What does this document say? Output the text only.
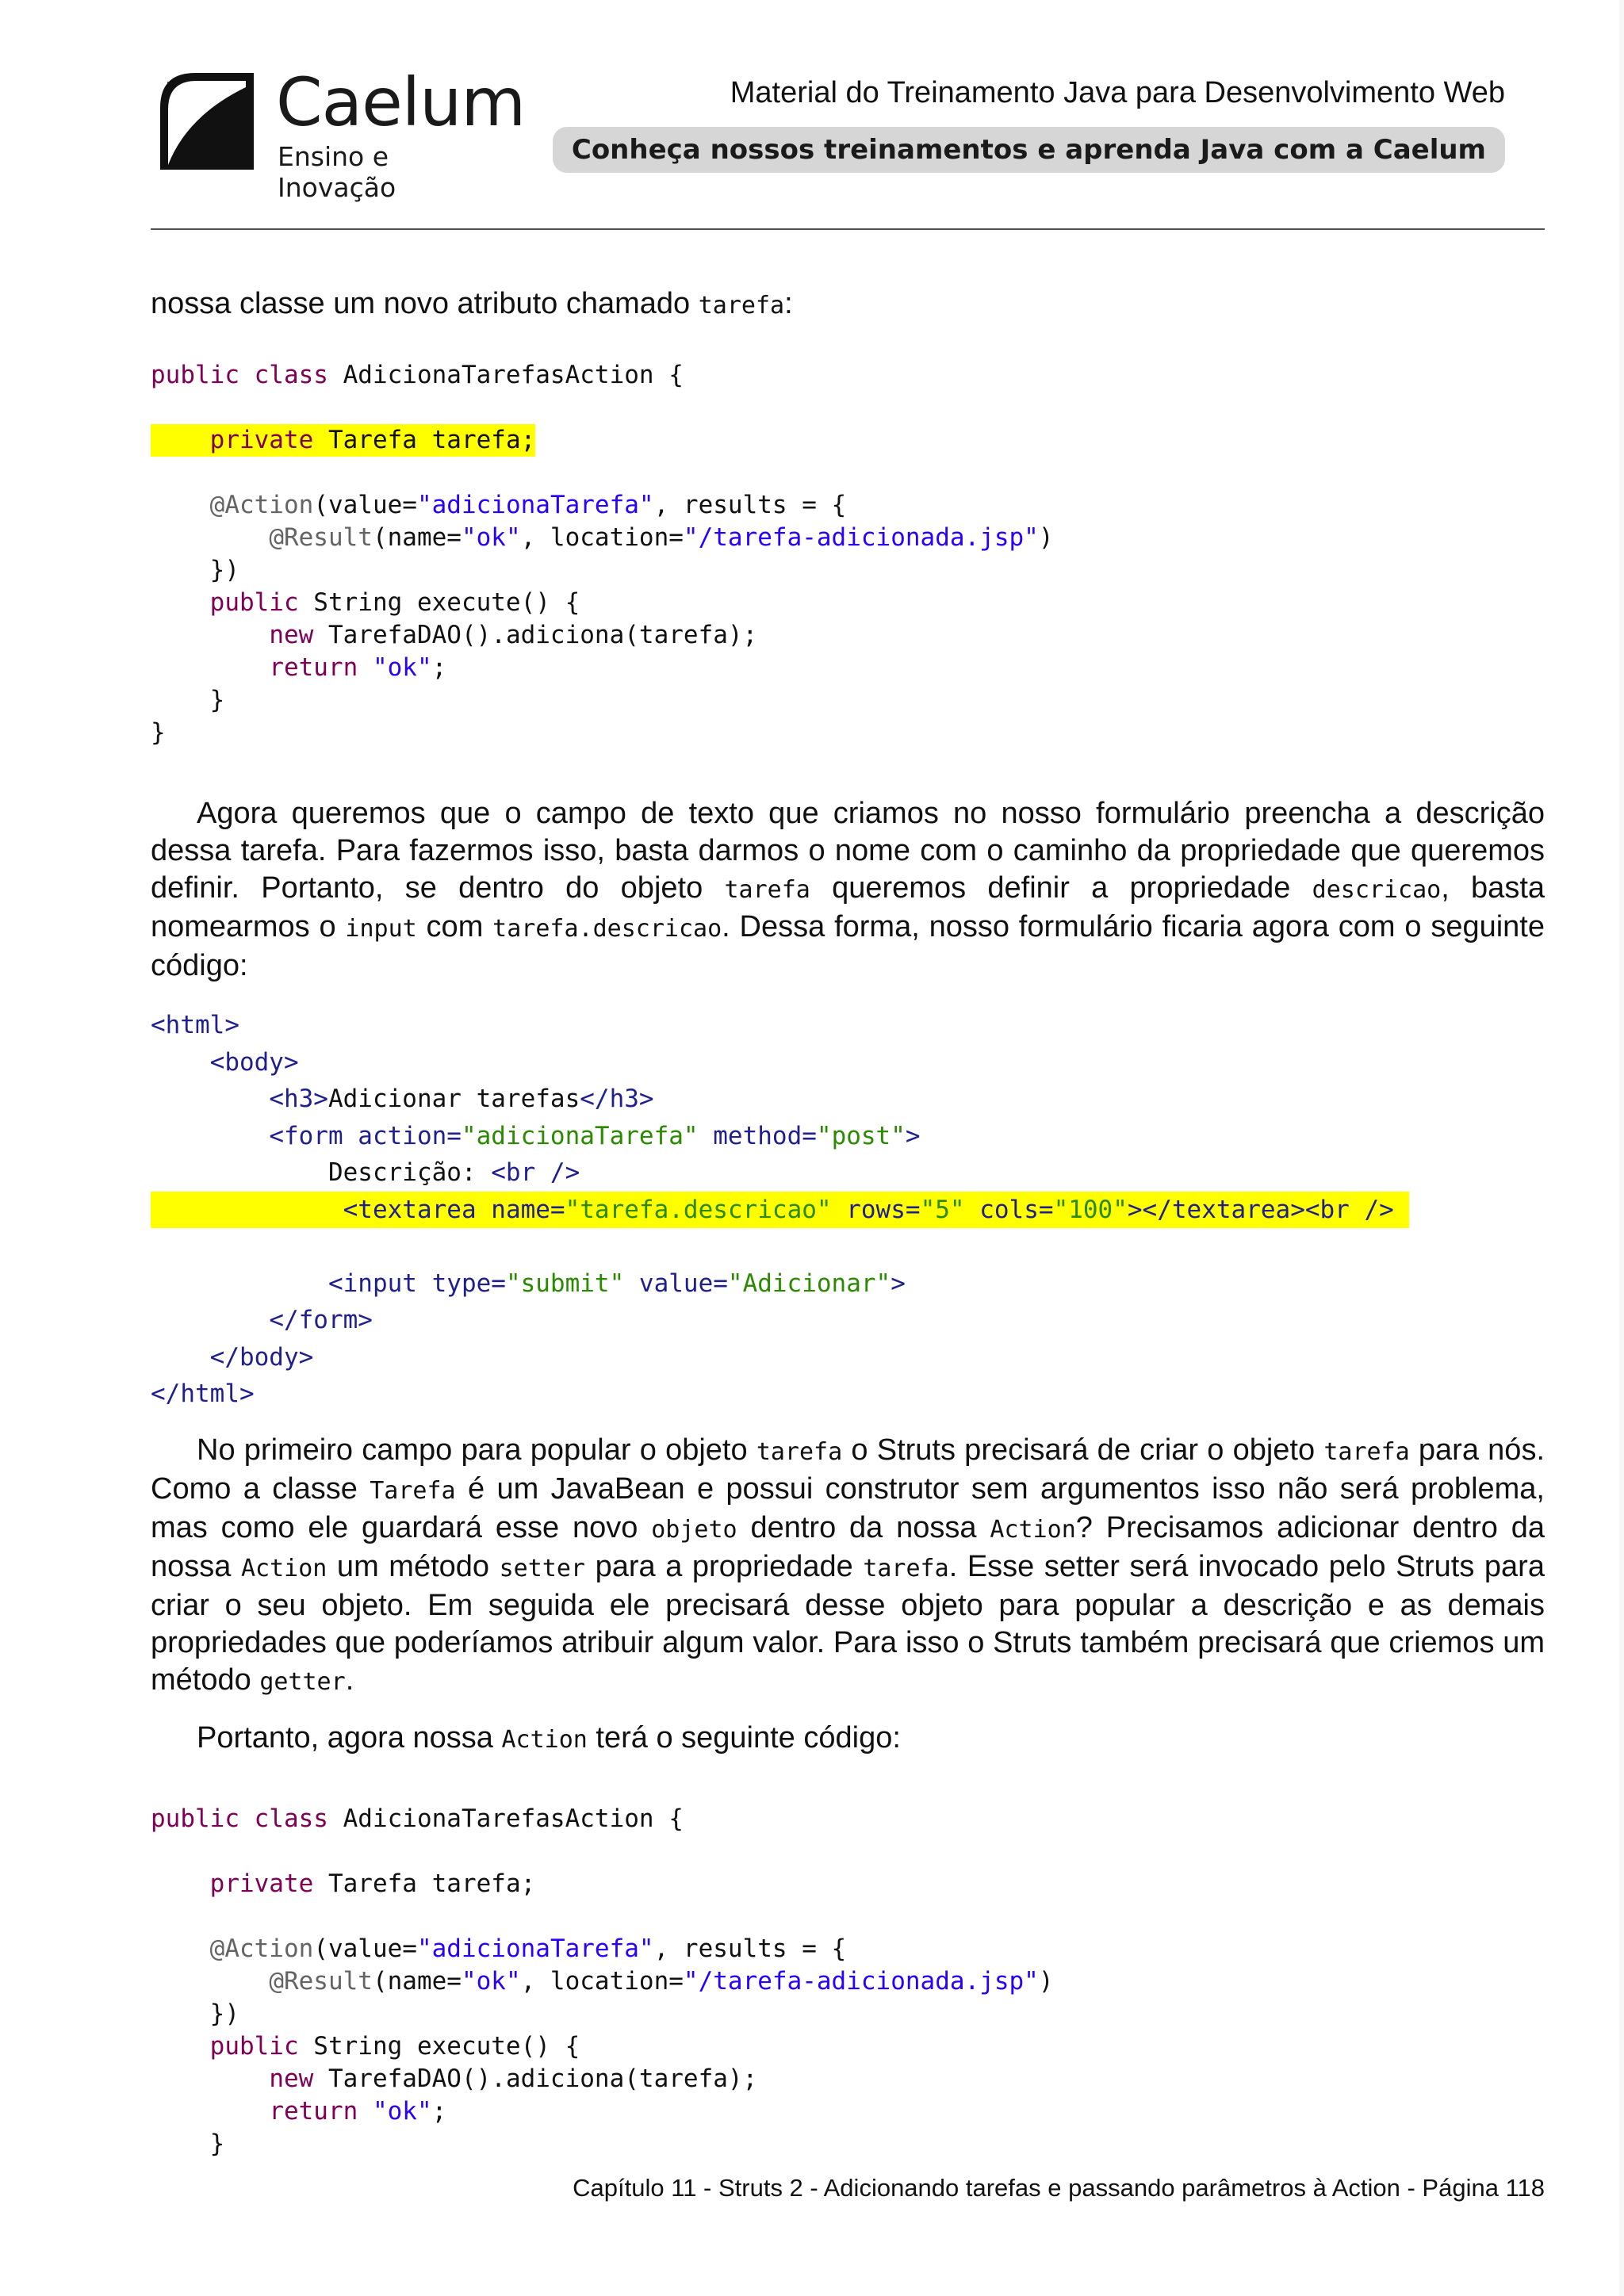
* Caelum
Ensino e Inovação
Material do Treinamento Java para Desenvolvimento Web
Conheça nossos treinamentos e aprenda Java com a Caelum

nossa classe um novo atributo chamado tarefa:

public class AdicionaTarefasAction {

private Tarefa tarefa;

@Action(value="adicionaTarefa", results = {
@Result(name="ok", location="/tarefa-adicionada.jsp")
})
public String execute() {
new TarefaDAO().adiciona(tarefa);
return "ok";
}
}

Agora queremos que o campo de texto que criamos no nosso formulário preencha a descrição dessa tarefa. Para fazermos isso, basta darmos o nome com o caminho da propriedade que queremos definir. Portanto, se dentro do objeto tarefa queremos definir a propriedade descricao, basta nomearmos o input com tarefa.descricao. Dessa forma, nosso formulário ficaria agora com o seguinte código:

<html>
<body>
<h3>Adicionar tarefas</h3>
<form action="adicionaTarefa" method="post">
Descrição: <br />
<textarea name="tarefa.descricao" rows="5" cols="100"></textarea><br />

<input type="submit" value="Adicionar">
</form>
</body>
</html>

No primeiro campo para popular o objeto tarefa o Struts precisará de criar o objeto tarefa para nós. Como a classe Tarefa é um JavaBean e possui construtor sem argumentos isso não será problema, mas como ele guardará esse novo objeto dentro da nossa Action? Precisamos adicionar dentro da nossa Action um método setter para a propriedade tarefa. Esse setter será invocado pelo Struts para criar o seu objeto. Em seguida ele precisará desse objeto para popular a descrição e as demais propriedades que poderíamos atribuir algum valor. Para isso o Struts também precisará que criemos um método getter.

Portanto, agora nossa Action terá o seguinte código:

public class AdicionaTarefasAction {

private Tarefa tarefa;

@Action(value="adicionaTarefa", results = {
@Result(name="ok", location="/tarefa-adicionada.jsp")
})
public String execute() {
new TarefaDAO().adiciona(tarefa);
return "ok";
}
Capítulo 11 - Struts 2 - Adicionando tarefas e passando parâmetros à Action - Página 118
